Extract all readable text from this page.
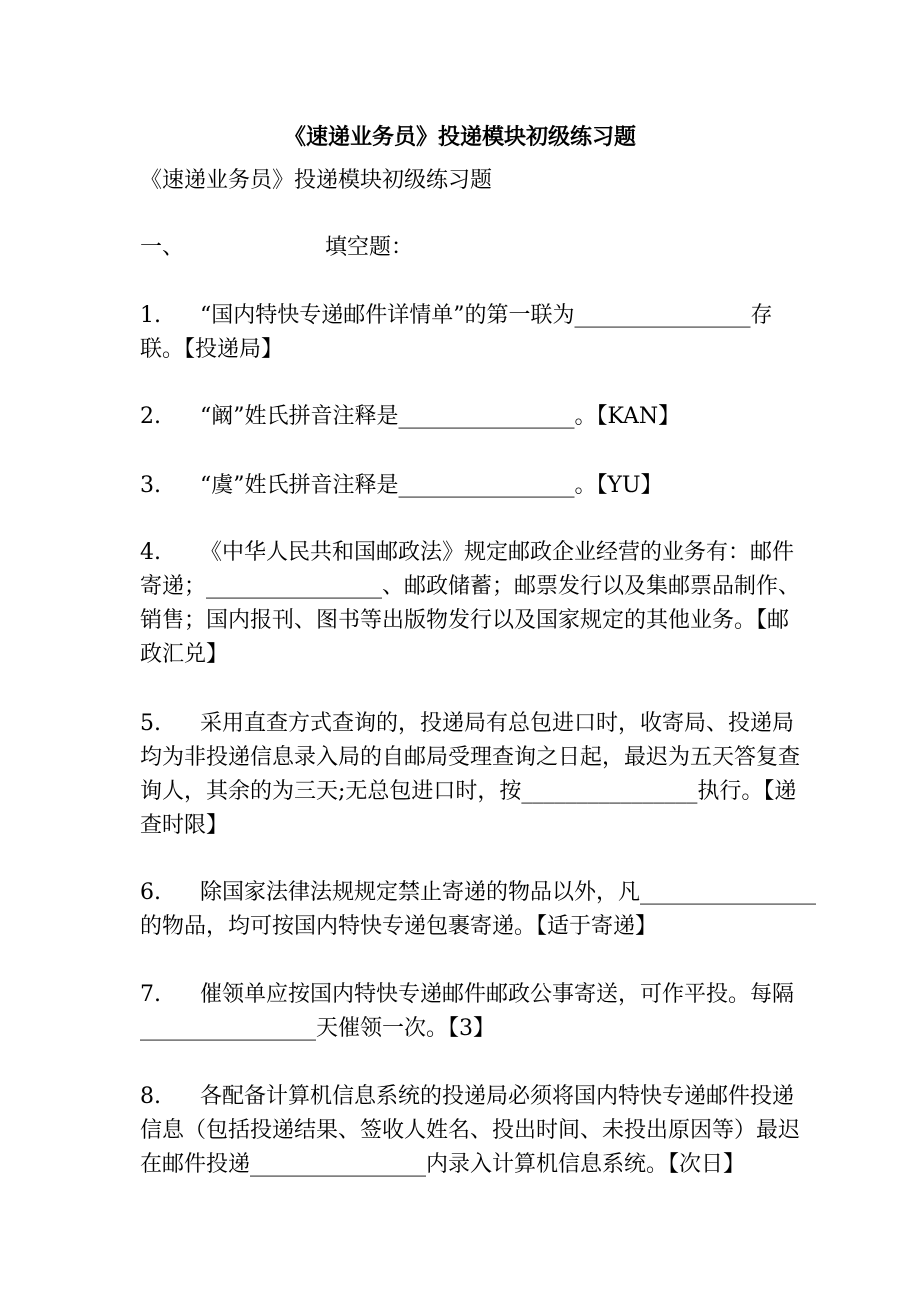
《速递业务员》投递模块初级练习题
《速递业务员》投递模块初级练习题
一、	填空题：
1. “国内特快专递邮件详情单”的第一联为________________存
联。【投递局】
2. “阚”姓氏拼音注释是________________。【KAN】
3. “虞”姓氏拼音注释是________________。【YU】
4. 《中华人民共和国邮政法》规定邮政企业经营的业务有：邮件
寄递；________________、邮政储蓄；邮票发行以及集邮票品制作、
销售；国内报刊、图书等出版物发行以及国家规定的其他业务。【邮
政汇兑】
5. 采用直查方式查询的，投递局有总包进口时，收寄局、投递局
均为非投递信息录入局的自邮局受理查询之日起，最迟为五天答复查
询人，其余的为三天;无总包进口时，按________________执行。【递
查时限】
6. 除国家法律法规规定禁止寄递的物品以外，凡________________
的物品，均可按国内特快专递包裹寄递。【适于寄递】
7. 催领单应按国内特快专递邮件邮政公事寄送，可作平投。每隔
________________天催领一次。【3】
8. 各配备计算机信息系统的投递局必须将国内特快专递邮件投递
信息（包括投递结果、签收人姓名、投出时间、未投出原因等）最迟
在邮件投递________________内录入计算机信息系统。【次日】
